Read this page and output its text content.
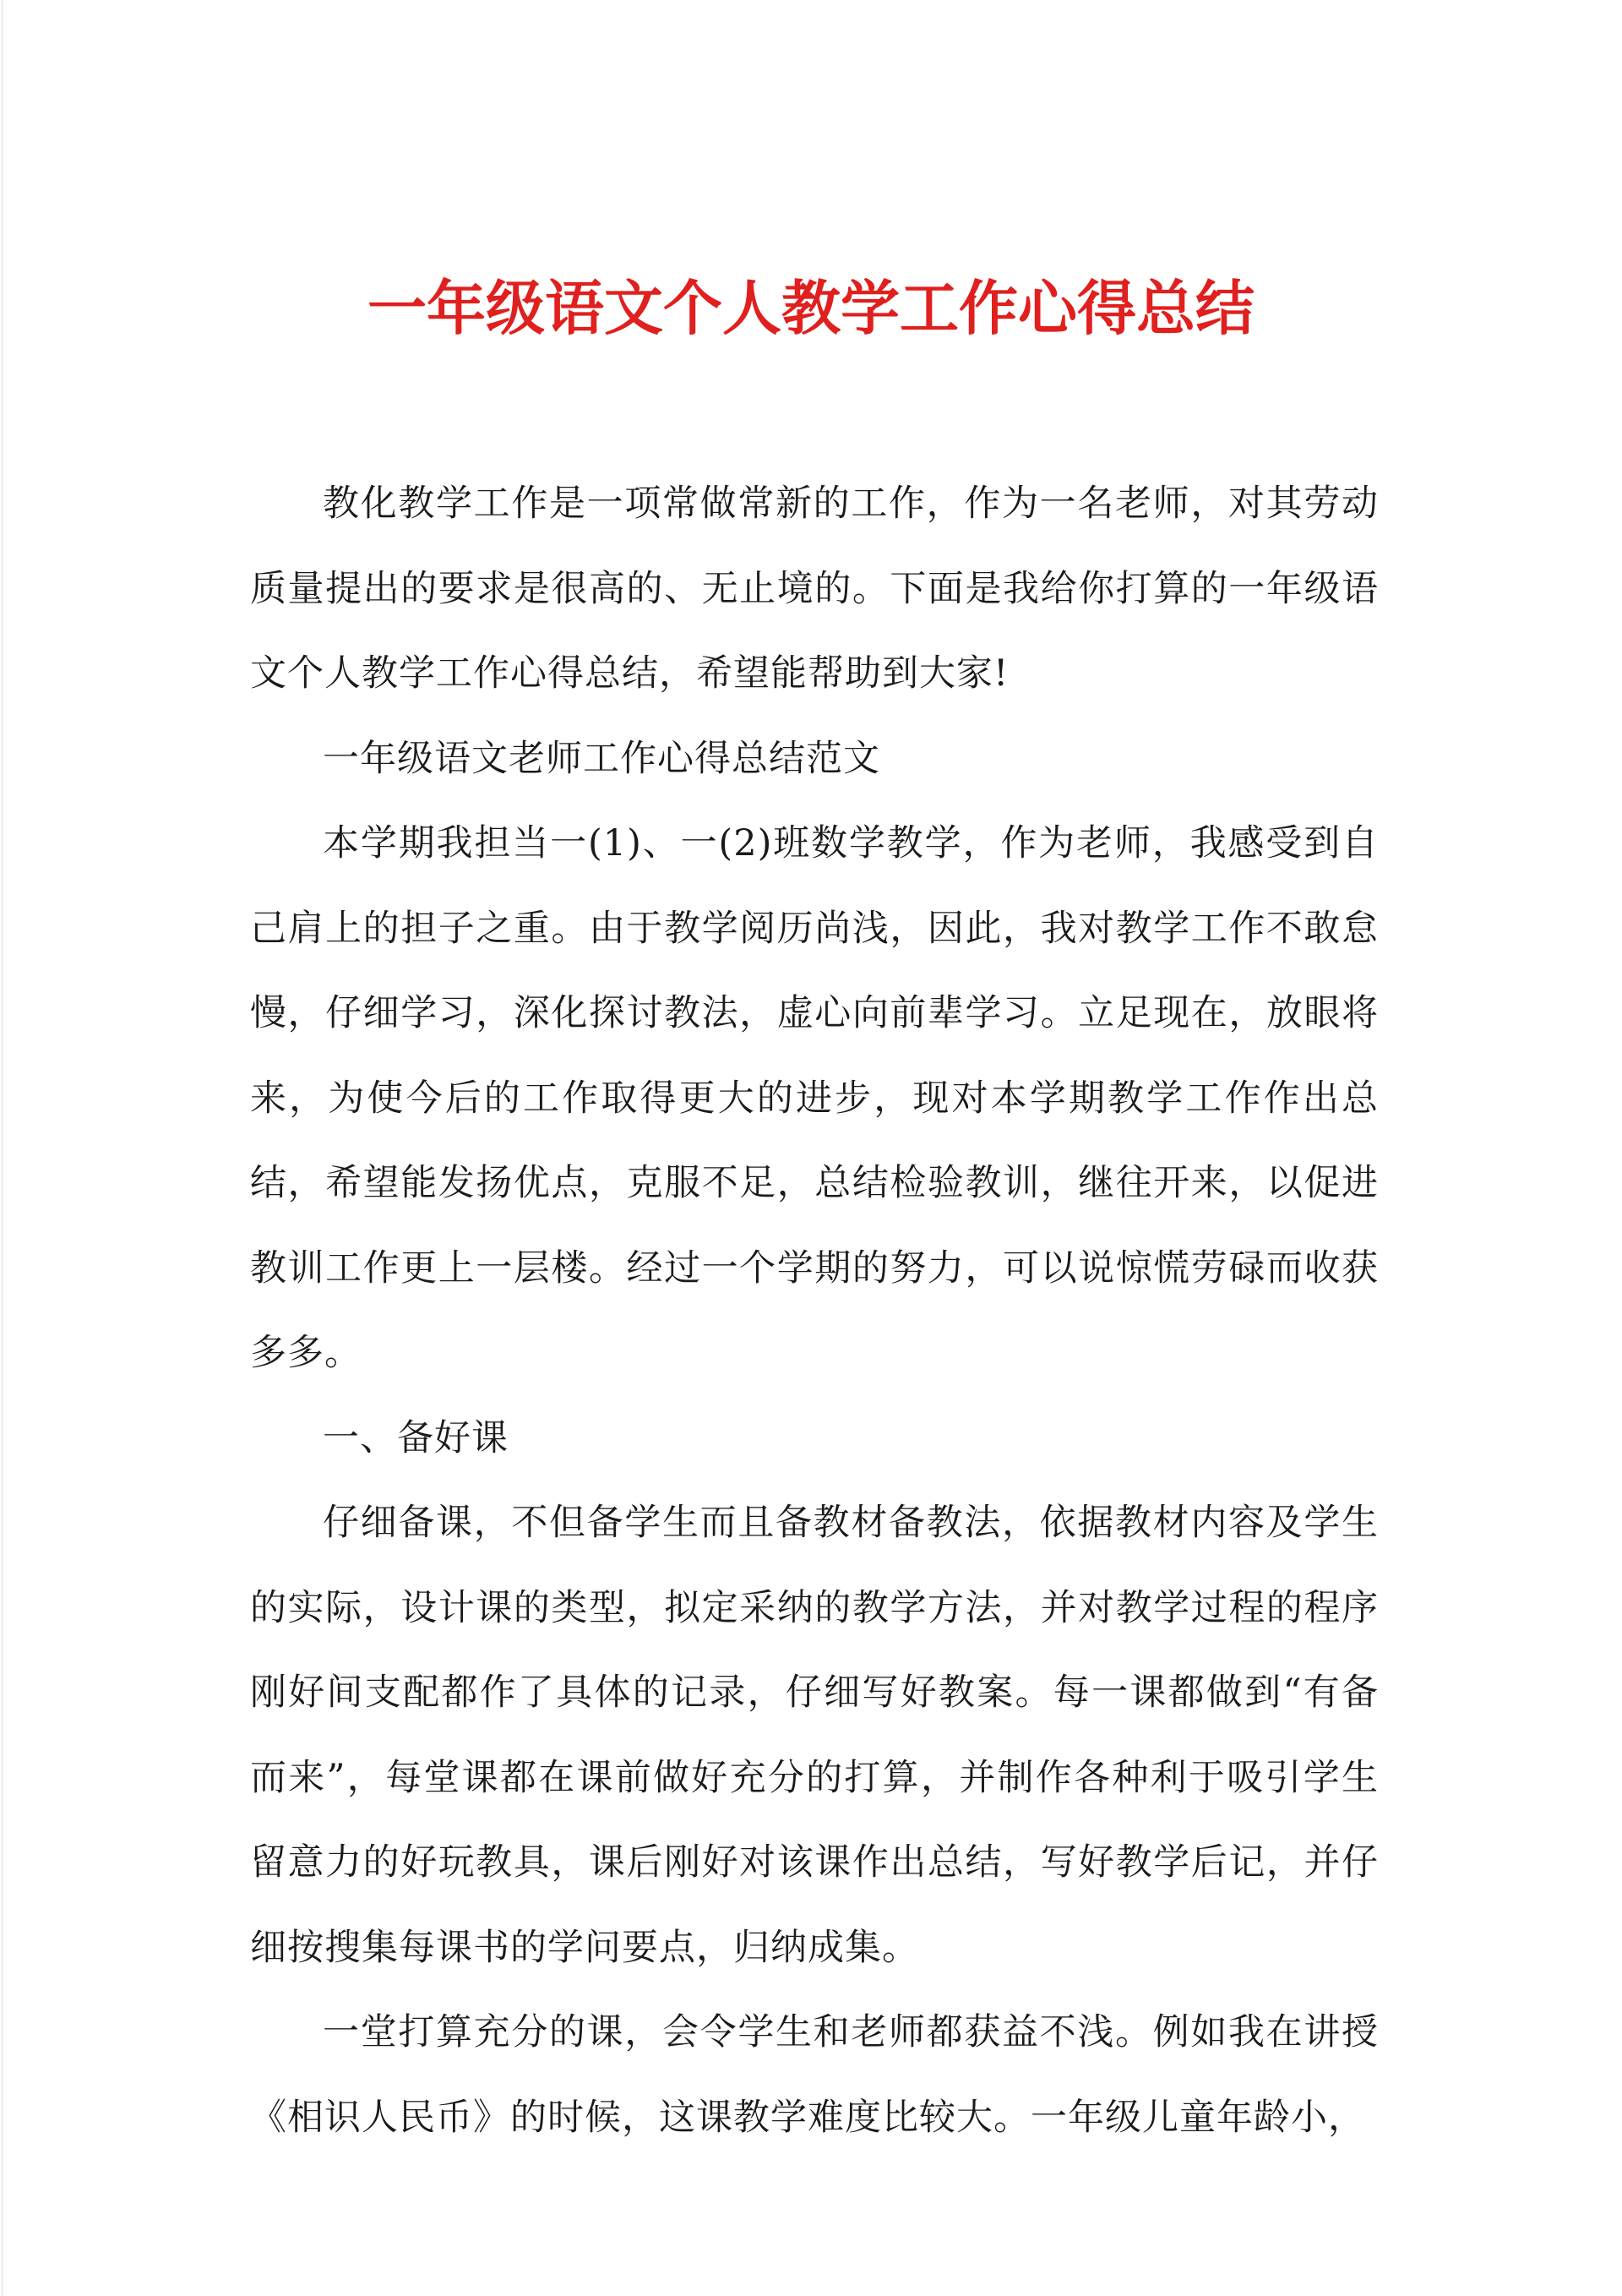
一年级语文个人教学工作心得总结

教化教学工作是一项常做常新的工作，作为一名老师，对其劳动质量提出的要求是很高的、无止境的。下面是我给你打算的一年级语文个人教学工作心得总结，希望能帮助到大家!

一年级语文老师工作心得总结范文

本学期我担当一(1)、一(2)班数学教学，作为老师，我感受到自己肩上的担子之重。由于教学阅历尚浅，因此，我对教学工作不敢怠慢，仔细学习，深化探讨教法，虚心向前辈学习。立足现在，放眼将来，为使今后的工作取得更大的进步，现对本学期教学工作作出总结，希望能发扬优点，克服不足，总结检验教训，继往开来，以促进教训工作更上一层楼。经过一个学期的努力，可以说惊慌劳碌而收获多多。

一、备好课

仔细备课，不但备学生而且备教材备教法，依据教材内容及学生的实际，设计课的类型，拟定采纳的教学方法，并对教学过程的程序刚好间支配都作了具体的记录，仔细写好教案。每一课都做到“有备而来”，每堂课都在课前做好充分的打算，并制作各种利于吸引学生留意力的好玩教具，课后刚好对该课作出总结，写好教学后记，并仔细按搜集每课书的学问要点，归纳成集。

一堂打算充分的课，会令学生和老师都获益不浅。例如我在讲授《相识人民币》的时候，这课教学难度比较大。一年级儿童年龄小，
